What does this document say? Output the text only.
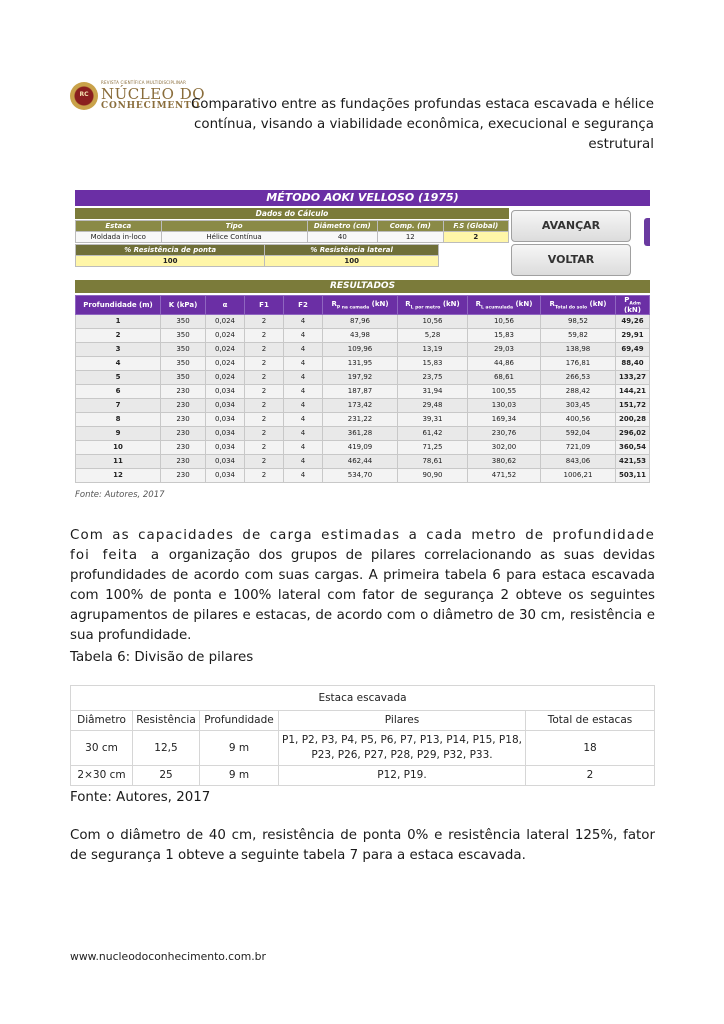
RC
REVISTA CIENTÍFICA MULTIDISCIPLINAR
NÚCLEO DO
CONHECIMENTO
Comparativo entre as fundações profundas estaca escavada e hélice contínua, visando a viabilidade econômica, execucional e segurança estrutural
MÉTODO AOKI VELLOSO (1975)
Dados do Cálculo
Estaca	Tipo	Diâmetro (cm)	Comp. (m)	F.S (Global)
Moldada in-loco	Hélice Contínua	40	12	2
% Resistência de ponta	% Resistência lateral
100	100
AVANÇAR
VOLTAR
RESULTADOS
Profundidade (m)	K (kPa)	α	F1	F2	$R_{P na camada}$ (kN)	$R_{L por metro}$ (kN)	$R_{L acumulada}$ (kN)	$R_{Total do solo}$ (kN)	$P_{Adm}$ (kN)
1	350	0,024	2	4	87,96	10,56	10,56	98,52	49,26
2	350	0,024	2	4	43,98	5,28	15,83	59,82	29,91
3	350	0,024	2	4	109,96	13,19	29,03	138,98	69,49
4	350	0,024	2	4	131,95	15,83	44,86	176,81	88,40
5	350	0,024	2	4	197,92	23,75	68,61	266,53	133,27
6	230	0,034	2	4	187,87	31,94	100,55	288,42	144,21
7	230	0,034	2	4	173,42	29,48	130,03	303,45	151,72
8	230	0,034	2	4	231,22	39,31	169,34	400,56	200,28
9	230	0,034	2	4	361,28	61,42	230,76	592,04	296,02
10	230	0,034	2	4	419,09	71,25	302,00	721,09	360,54
11	230	0,034	2	4	462,44	78,61	380,62	843,06	421,53
12	230	0,034	2	4	534,70	90,90	471,52	1006,21	503,11
Fonte: Autores, 2017
Com as capacidades de carga estimadas a cada metro de profundidade foi feita a organização dos grupos de pilares correlacionando as suas devidas profundidades de acordo com suas cargas. A primeira tabela 6 para estaca escavada com 100% de ponta e 100% lateral com fator de segurança 2 obteve os seguintes agrupamentos de pilares e estacas, de acordo com o diâmetro de 30 cm, resistência e sua profundidade.
Tabela 6: Divisão de pilares
Estaca escavada				
Diâmetro	Resistência	Profundidade	Pilares	Total de estacas
30 cm	12,5	9 m	P1, P2, P3, P4, P5, P6, P7, P13, P14, P15, P18, P23, P26, P27, P28, P29, P32, P33.	18
2×30 cm	25	9 m	P12, P19.	2
Fonte: Autores, 2017
Com o diâmetro de 40 cm, resistência de ponta 0% e resistência lateral 125%, fator de segurança 1 obteve a seguinte tabela 7 para a estaca escavada.
www.nucleodoconhecimento.com.br
